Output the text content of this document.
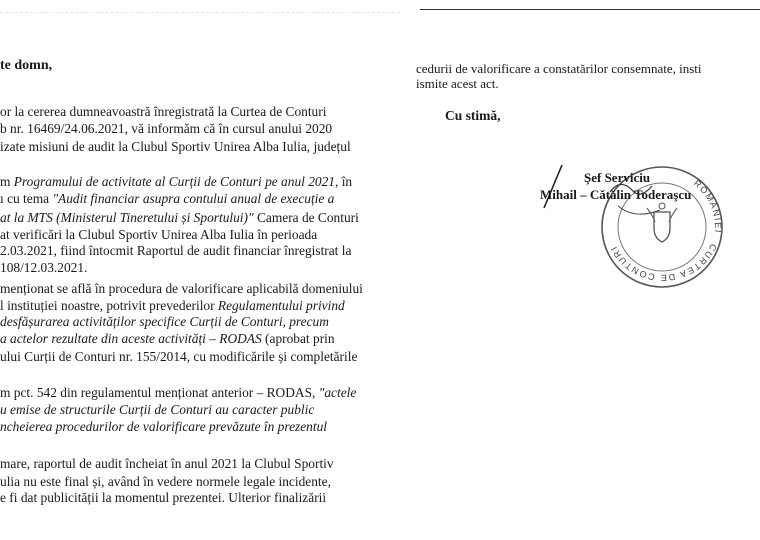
te domn,
or la cererea dumneavoastră înregistrată la Curtea de Conturi
b nr. 16469/24.06.2021, vă informăm că în cursul anului 2020
izate misiuni de audit la Clubul Sportiv Unirea Alba Iulia, județul
m Programului de activitate al Curții de Conturi pe anul 2021, în
ı cu tema "Audit financiar asupra contului anual de execuție a
at la MTS (Ministerul Tineretului și Sportului)" Camera de Conturi
at verificări la Clubul Sportiv Unirea Alba Iulia în perioada
2.03.2021, fiind întocmit Raportul de audit financiar înregistrat la
108/12.03.2021.
menționat se află în procedura de valorificare aplicabilă domeniului
l instituției noastre, potrivit prevederilor Regulamentului privind
desfășurarea activităților specifice Curții de Conturi, precum
a actelor rezultate din aceste activități – RODAS (aprobat prin
ului Curții de Conturi nr. 155/2014, cu modificările și completările
m pct. 542 din regulamentul menționat anterior – RODAS, "actele
u emise de structurile Curții de Conturi au caracter public
ncheierea procedurilor de valorificare prevăzute în prezentul
mare, raportul de audit încheiat în anul 2021 la Clubul Sportiv
ulia nu este final și, având în vedere normele legale incidente,
e fi dat publicității la momentul prezentei. Ulterior finalizării
cedurii de valorificare a constatărilor consemnate, insti
ismite acest act.
Cu stimă,
ROMÂNIEI
CURTEA DE CONTURI
Şef Serviciu
Mihail – Cătălin Toderaşcu
